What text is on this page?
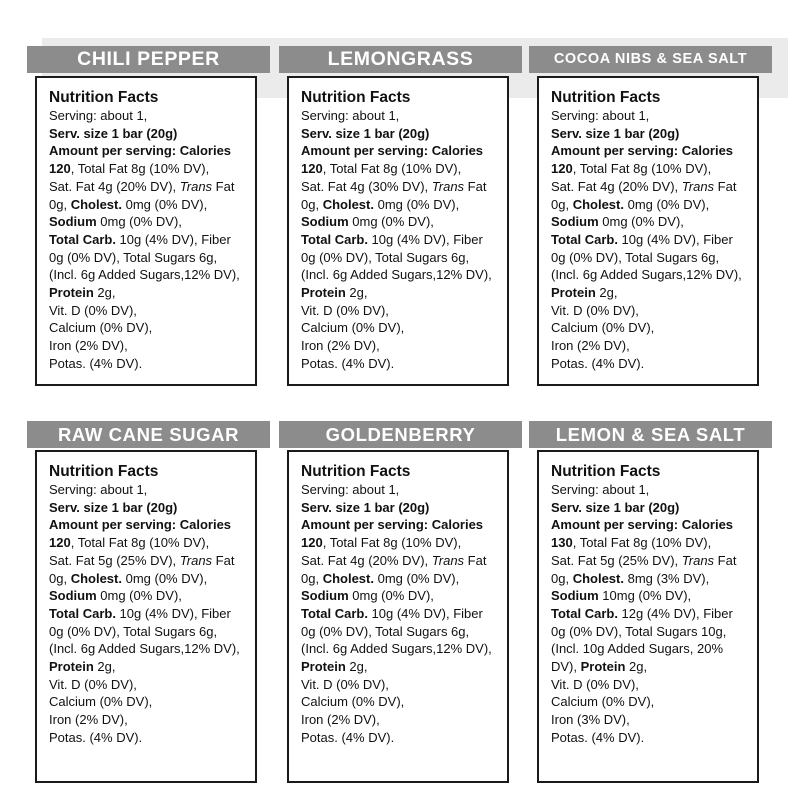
CHILI PEPPER
Nutrition Facts
Serving: about 1,
Serv. size 1 bar (20g)
Amount per serving: Calories
120, Total Fat 8g (10% DV),
Sat. Fat 4g (20% DV), Trans Fat
0g, Cholest. 0mg (0% DV),
Sodium 0mg (0% DV),
Total Carb. 10g (4% DV), Fiber
0g (0% DV), Total Sugars 6g,
(Incl. 6g Added Sugars,12% DV),
Protein 2g,
Vit. D (0% DV),
Calcium (0% DV),
Iron (2% DV),
Potas. (4% DV).
LEMONGRASS
Nutrition Facts
Serving: about 1,
Serv. size 1 bar (20g)
Amount per serving: Calories
120, Total Fat 8g (10% DV),
Sat. Fat 4g (30% DV), Trans Fat
0g, Cholest. 0mg (0% DV),
Sodium 0mg (0% DV),
Total Carb. 10g (4% DV), Fiber
0g (0% DV), Total Sugars 6g,
(Incl. 6g Added Sugars,12% DV),
Protein 2g,
Vit. D (0% DV),
Calcium (0% DV),
Iron (2% DV),
Potas. (4% DV).
COCOA NIBS & SEA SALT
Nutrition Facts
Serving: about 1,
Serv. size 1 bar (20g)
Amount per serving: Calories
120, Total Fat 8g (10% DV),
Sat. Fat 4g (20% DV), Trans Fat
0g, Cholest. 0mg (0% DV),
Sodium 0mg (0% DV),
Total Carb. 10g (4% DV), Fiber
0g (0% DV), Total Sugars 6g,
(Incl. 6g Added Sugars,12% DV),
Protein 2g,
Vit. D (0% DV),
Calcium (0% DV),
Iron (2% DV),
Potas. (4% DV).
RAW CANE SUGAR
Nutrition Facts
Serving: about 1,
Serv. size 1 bar (20g)
Amount per serving: Calories
120, Total Fat 8g (10% DV),
Sat. Fat 5g (25% DV), Trans Fat
0g, Cholest. 0mg (0% DV),
Sodium 0mg (0% DV),
Total Carb. 10g (4% DV), Fiber
0g (0% DV), Total Sugars 6g,
(Incl. 6g Added Sugars,12% DV),
Protein 2g,
Vit. D (0% DV),
Calcium (0% DV),
Iron (2% DV),
Potas. (4% DV).
GOLDENBERRY
Nutrition Facts
Serving: about 1,
Serv. size 1 bar (20g)
Amount per serving: Calories
120, Total Fat 8g (10% DV),
Sat. Fat 4g (20% DV), Trans Fat
0g, Cholest. 0mg (0% DV),
Sodium 0mg (0% DV),
Total Carb. 10g (4% DV), Fiber
0g (0% DV), Total Sugars 6g,
(Incl. 6g Added Sugars,12% DV),
Protein 2g,
Vit. D (0% DV),
Calcium (0% DV),
Iron (2% DV),
Potas. (4% DV).
LEMON & SEA SALT
Nutrition Facts
Serving: about 1,
Serv. size 1 bar (20g)
Amount per serving: Calories
130, Total Fat 8g (10% DV),
Sat. Fat 5g (25% DV), Trans Fat
0g, Cholest. 8mg (3% DV),
Sodium 10mg (0% DV),
Total Carb. 12g (4% DV), Fiber
0g (0% DV), Total Sugars 10g,
(Incl. 10g Added Sugars, 20%
DV), Protein 2g,
Vit. D (0% DV),
Calcium (0% DV),
Iron (3% DV),
Potas. (4% DV).
